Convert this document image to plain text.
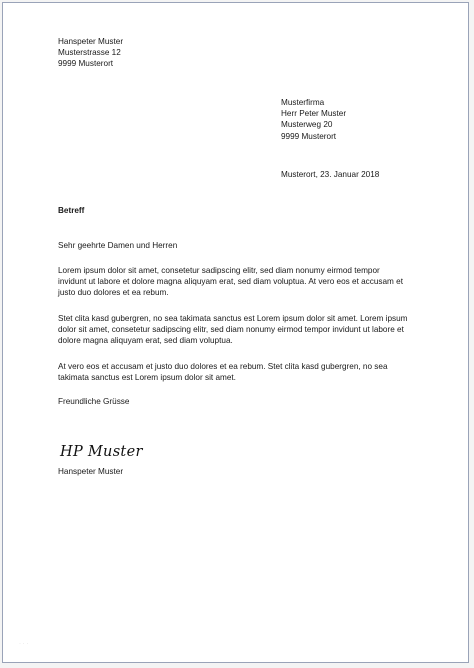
Hanspeter Muster
Musterstrasse 12
9999 Musterort
Musterfirma
Herr Peter Muster
Musterweg 20
9999 Musterort
Musterort, 23. Januar 2018
Betreff
Sehr geehrte Damen und Herren
Lorem ipsum dolor sit amet, consetetur sadipscing elitr, sed diam nonumy eirmod tempor
invidunt ut labore et dolore magna aliquyam erat, sed diam voluptua. At vero eos et accusam et
justo duo dolores et ea rebum.
Stet clita kasd gubergren, no sea takimata sanctus est Lorem ipsum dolor sit amet. Lorem ipsum
dolor sit amet, consetetur sadipscing elitr, sed diam nonumy eirmod tempor invidunt ut labore et
dolore magna aliquyam erat, sed diam voluptua.
At vero eos et accusam et justo duo dolores et ea rebum. Stet clita kasd gubergren, no sea
takimata sanctus est Lorem ipsum dolor sit amet.
Freundliche Grüsse
HP Muster
Hanspeter Muster
· · ·
